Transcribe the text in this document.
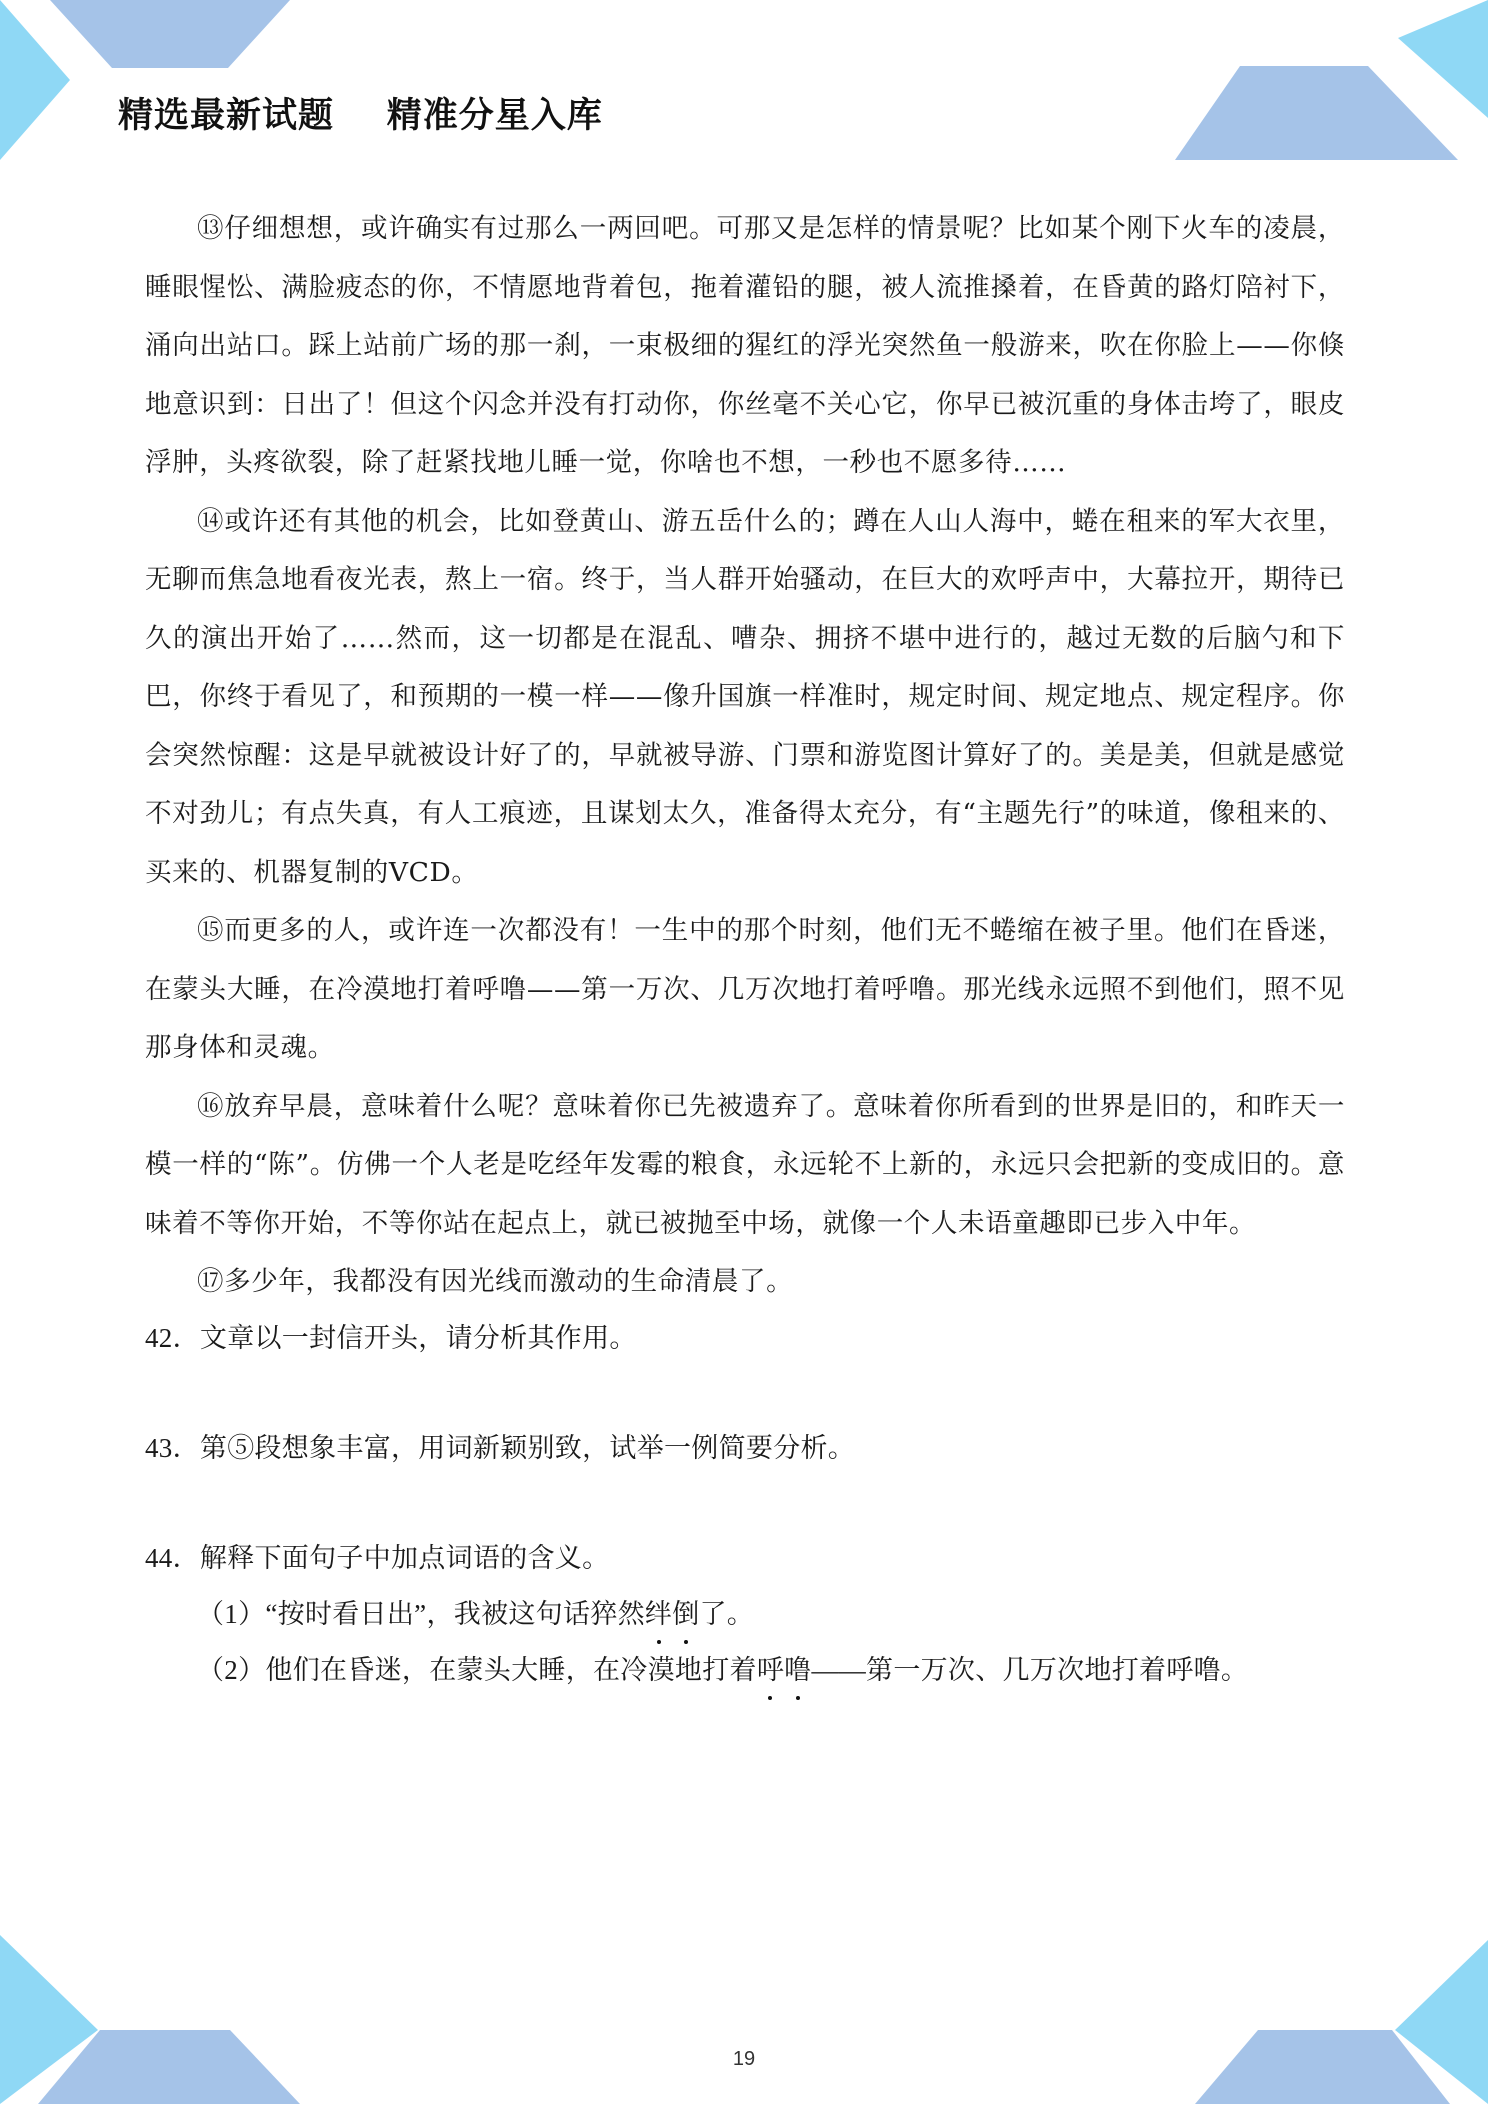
精选最新试题    精准分星入库

⑬仔细想想，或许确实有过那么一两回吧。可那又是怎样的情景呢？比如某个刚下火车的凌晨，睡眼惺忪、满脸疲态的你，不情愿地背着包，拖着灌铅的腿，被人流推搡着，在昏黄的路灯陪衬下，涌向出站口。踩上站前广场的那一刹，一束极细的猩红的浮光突然鱼一般游来，吹在你脸上——你倏地意识到：日出了！但这个闪念并没有打动你，你丝毫不关心它，你早已被沉重的身体击垮了，眼皮浮肿，头疼欲裂，除了赶紧找地儿睡一觉，你啥也不想，一秒也不愿多待……

⑭或许还有其他的机会，比如登黄山、游五岳什么的；蹲在人山人海中，蜷在租来的军大衣里，无聊而焦急地看夜光表，熬上一宿。终于，当人群开始骚动，在巨大的欢呼声中，大幕拉开，期待已久的演出开始了……然而，这一切都是在混乱、嘈杂、拥挤不堪中进行的，越过无数的后脑勺和下巴，你终于看见了，和预期的一模一样——像升国旗一样准时，规定时间、规定地点、规定程序。你会突然惊醒：这是早就被设计好了的，早就被导游、门票和游览图计算好了的。美是美，但就是感觉不对劲儿；有点失真，有人工痕迹，且谋划太久，准备得太充分，有“主题先行”的味道，像租来的、买来的、机器复制的VCD。

⑮而更多的人，或许连一次都没有！一生中的那个时刻，他们无不蜷缩在被子里。他们在昏迷，在蒙头大睡，在冷漠地打着呼噜——第一万次、几万次地打着呼噜。那光线永远照不到他们，照不见那身体和灵魂。

⑯放弃早晨，意味着什么呢？意味着你已先被遗弃了。意味着你所看到的世界是旧的，和昨天一模一样的“陈”。仿佛一个人老是吃经年发霉的粮食，永远轮不上新的，永远只会把新的变成旧的。意味着不等你开始，不等你站在起点上，就已被抛至中场，就像一个人未语童趣即已步入中年。

⑰多少年，我都没有因光线而激动的生命清晨了。

42．文章以一封信开头，请分析其作用。

43．第⑤段想象丰富，用词新颖别致，试举一例简要分析。

44．解释下面句子中加点词语的含义。

（1）“按时看日出”，我被这句话猝然绊倒了。

（2）他们在昏迷，在蒙头大睡，在冷漠地打着呼噜——第一万次、几万次地打着呼噜。

19
